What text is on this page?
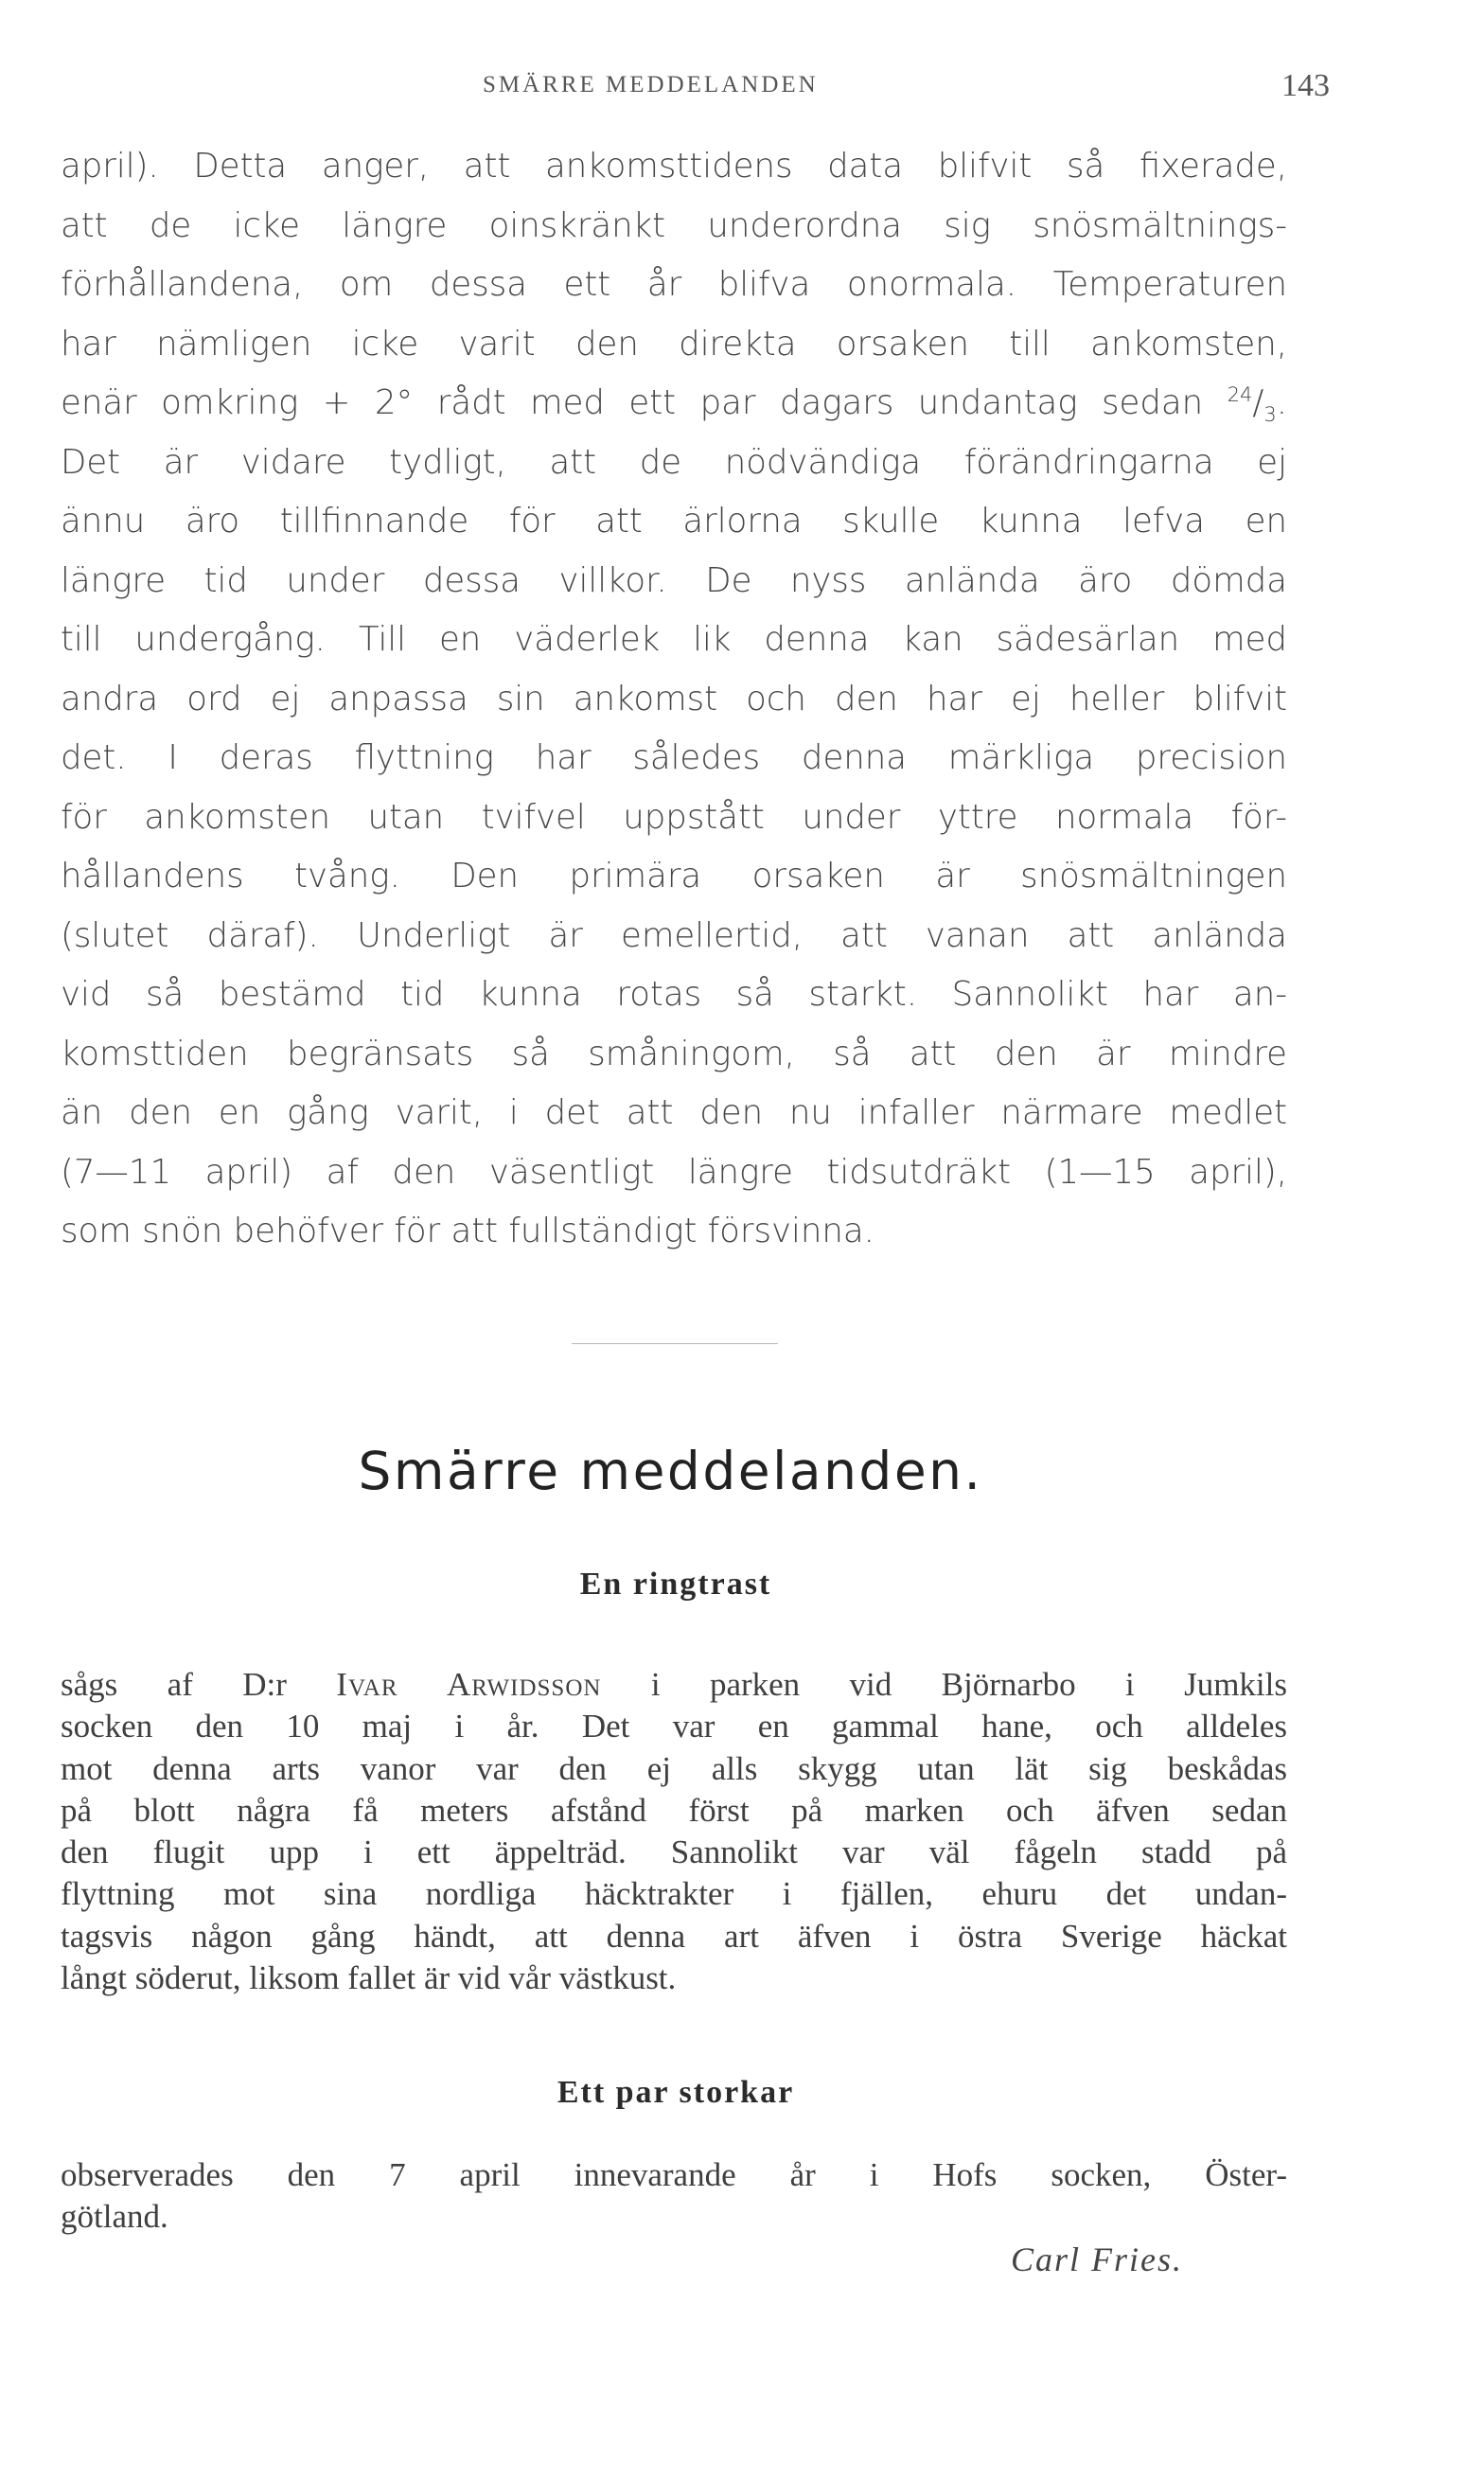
SMÄRRE MEDDELANDEN	143
april). Detta anger, att ankomsttidens data blifvit så fixerade,
att de icke längre oinskränkt underordna sig snösmältnings-
förhållandena, om dessa ett år blifva onormala. Temperaturen
har nämligen icke varit den direkta orsaken till ankomsten,
enär omkring + 2° rådt med ett par dagars undantag sedan $^{24}/_3$.
Det är vidare tydligt, att de nödvändiga förändringarna ej
ännu äro tillfinnande för att ärlorna skulle kunna lefva en
längre tid under dessa villkor. De nyss anlända äro dömda
till undergång. Till en väderlek lik denna kan sädesärlan med
andra ord ej anpassa sin ankomst och den har ej heller blifvit
det. I deras flyttning har således denna märkliga precision
för ankomsten utan tvifvel uppstått under yttre normala för-
hållandens tvång. Den primära orsaken är snösmältningen
(slutet däraf). Underligt är emellertid, att vanan att anlända
vid så bestämd tid kunna rotas så starkt. Sannolikt har an-
komsttiden begränsats så småningom, så att den är mindre
än den en gång varit, i det att den nu infaller närmare medlet
(7—11 april) af den väsentligt längre tidsutdräkt (1—15 april),
som snön behöfver för att fullständigt försvinna.
Smärre meddelanden.
En ringtrast
sågs af D:r Ivar Arwidsson i parken vid Björnarbo i Jumkils
socken den 10 maj i år. Det var en gammal hane, och alldeles
mot denna arts vanor var den ej alls skygg utan lät sig beskådas
på blott några få meters afstånd först på marken och äfven sedan
den flugit upp i ett äppelträd. Sannolikt var väl fågeln stadd på
flyttning mot sina nordliga häcktrakter i fjällen, ehuru det undan-
tagsvis någon gång händt, att denna art äfven i östra Sverige häckat
långt söderut, liksom fallet är vid vår västkust.
Ett par storkar
observerades den 7 april innevarande år i Hofs socken, Öster-
götland.
Carl Fries.
